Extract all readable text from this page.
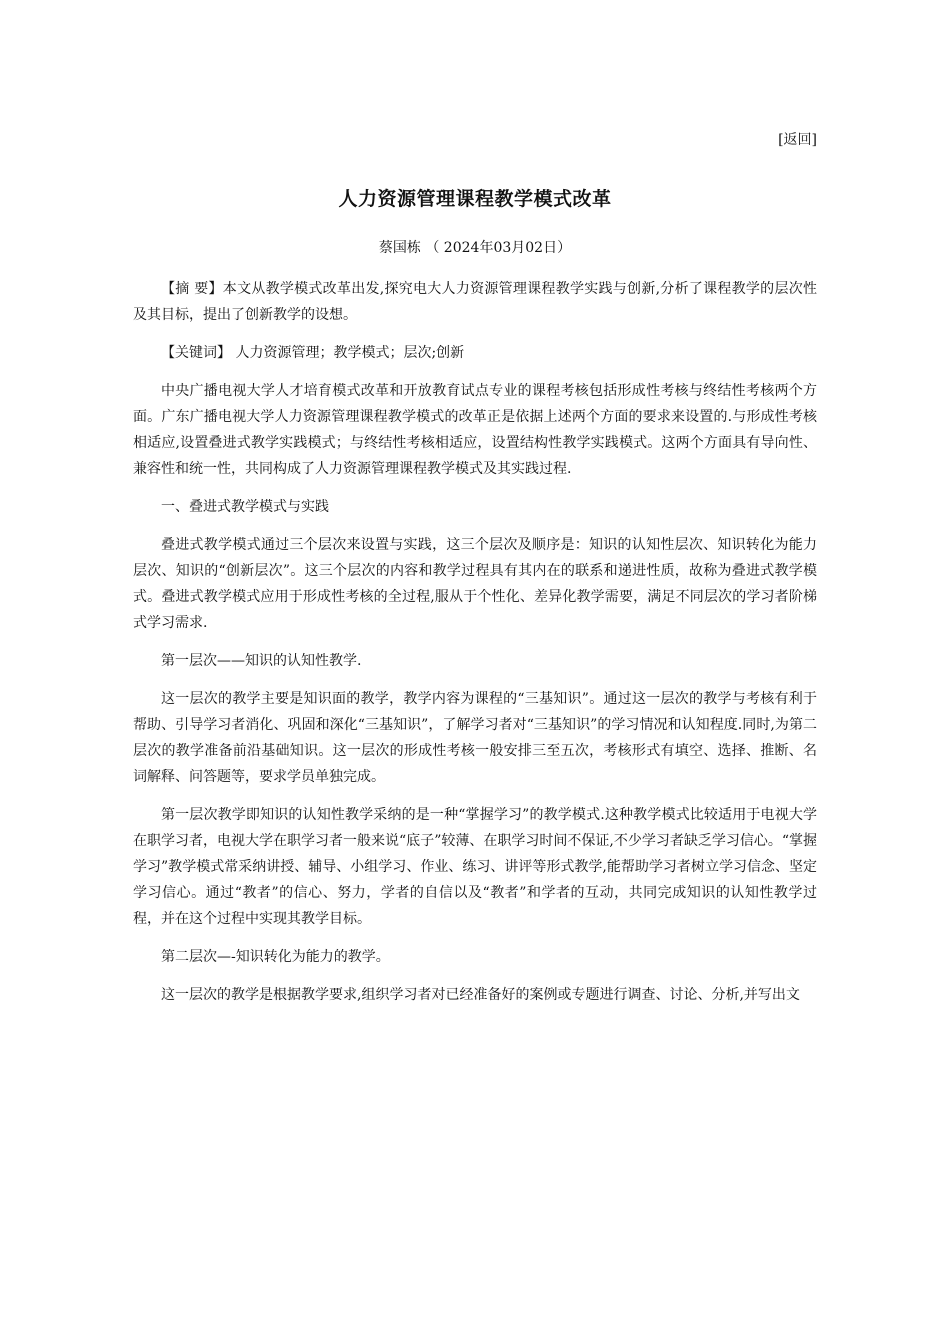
[返回]
人力资源管理课程教学模式改革
蔡国栋 （ 2024年03月02日）

【摘 要】本文从教学模式改革出发,探究电大人力资源管理课程教学实践与创新,分析了课程教学的层次性及其目标，提出了创新教学的设想。

【关键词】 人力资源管理；教学模式；层次;创新

中央广播电视大学人才培育模式改革和开放教育试点专业的课程考核包括形成性考核与终结性考核两个方面。广东广播电视大学人力资源管理课程教学模式的改革正是依据上述两个方面的要求来设置的.与形成性考核相适应,设置叠进式教学实践模式；与终结性考核相适应，设置结构性教学实践模式。这两个方面具有导向性、兼容性和统一性，共同构成了人力资源管理课程教学模式及其实践过程.

一、叠进式教学模式与实践

叠进式教学模式通过三个层次来设置与实践，这三个层次及顺序是：知识的认知性层次、知识转化为能力层次、知识的“创新层次”。这三个层次的内容和教学过程具有其内在的联系和递进性质，故称为叠进式教学模式。叠进式教学模式应用于形成性考核的全过程,服从于个性化、差异化教学需要，满足不同层次的学习者阶梯式学习需求.

第一层次——知识的认知性教学.

这一层次的教学主要是知识面的教学，教学内容为课程的“三基知识”。通过这一层次的教学与考核有利于帮助、引导学习者消化、巩固和深化“三基知识”，了解学习者对“三基知识”的学习情况和认知程度.同时,为第二层次的教学准备前沿基础知识。这一层次的形成性考核一般安排三至五次，考核形式有填空、选择、推断、名词解释、问答题等，要求学员单独完成。

第一层次教学即知识的认知性教学采纳的是一种“掌握学习”的教学模式.这种教学模式比较适用于电视大学在职学习者，电视大学在职学习者一般来说“底子”较薄、在职学习时间不保证,不少学习者缺乏学习信心。“掌握学习”教学模式常采纳讲授、辅导、小组学习、作业、练习、讲评等形式教学,能帮助学习者树立学习信念、坚定学习信心。通过“教者”的信心、努力，学者的自信以及“教者”和学者的互动，共同完成知识的认知性教学过程，并在这个过程中实现其教学目标。

第二层次—-知识转化为能力的教学。

这一层次的教学是根据教学要求,组织学习者对已经准备好的案例或专题进行调查、讨论、分析,并写出文
